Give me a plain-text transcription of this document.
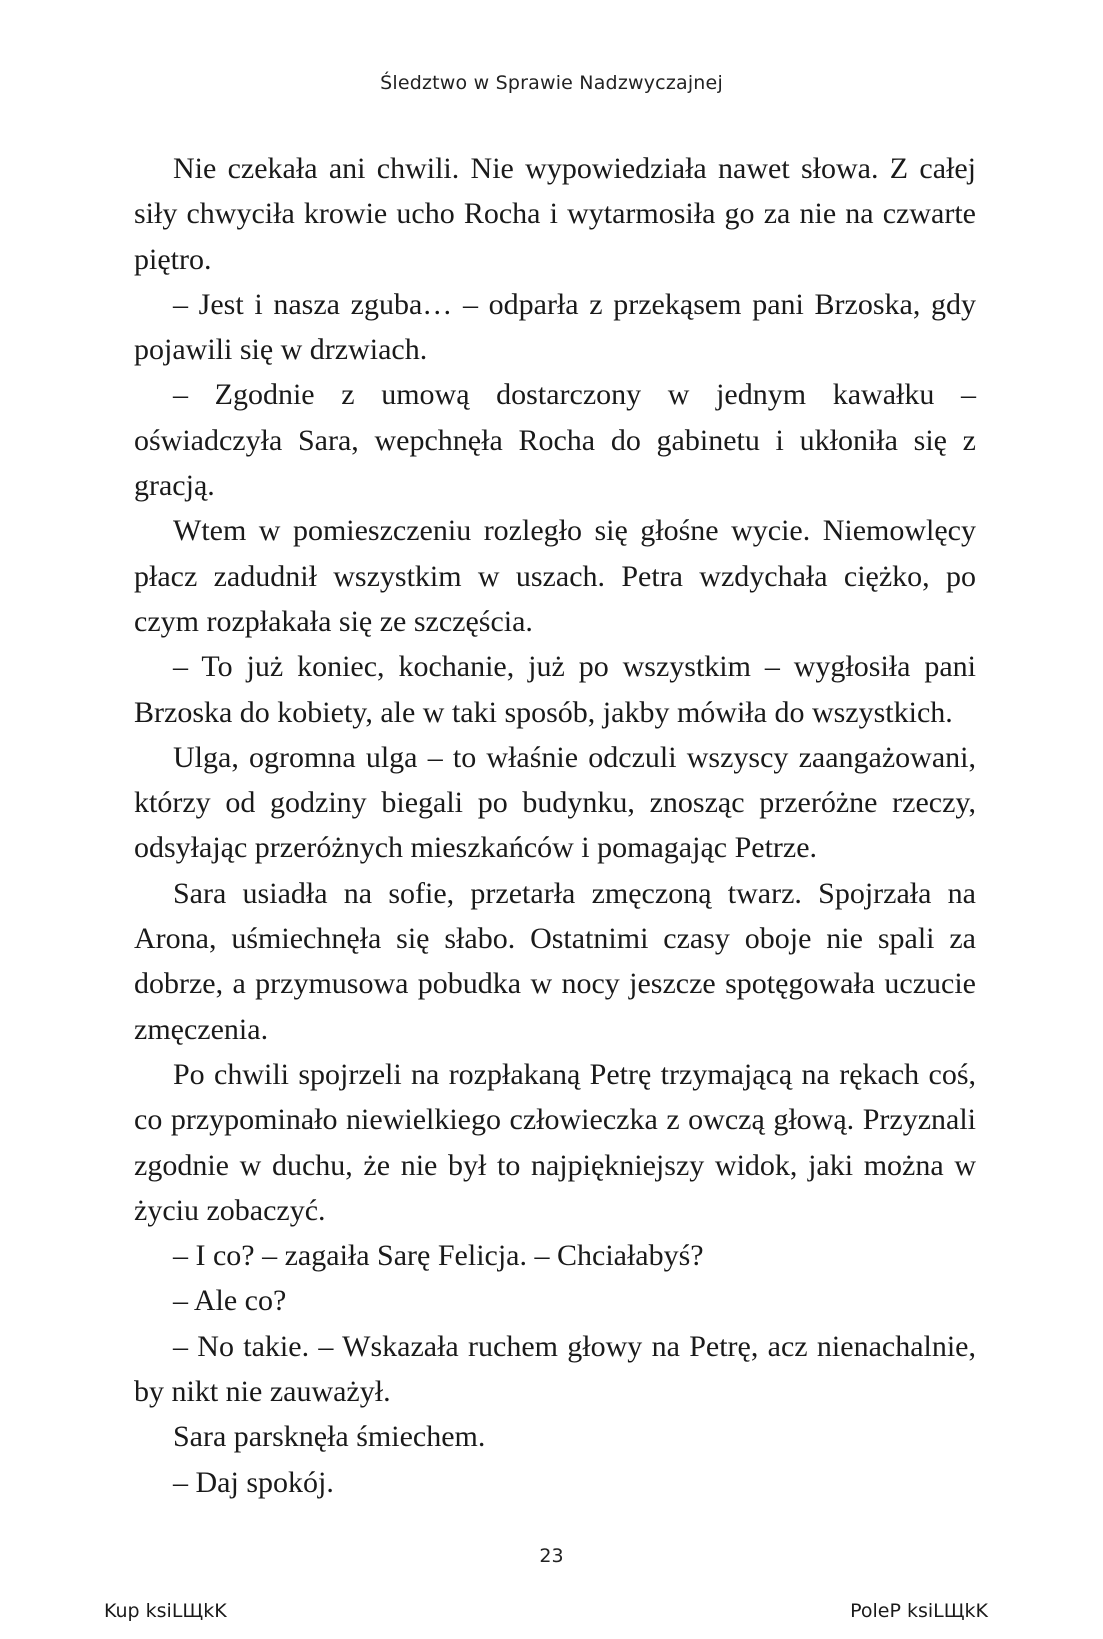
Śledztwo w Sprawie Nadzwyczajnej

Nie czekała ani chwili. Nie wypowiedziała nawet słowa. Z całej siły chwyciła krowie ucho Rocha i wytarmosiła go za nie na czwarte piętro.

– Jest i nasza zguba… – odparła z przekąsem pani Brzoska, gdy pojawili się w drzwiach.

– Zgodnie z umową dostarczony w jednym kawałku – oświadczyła Sara, wepchnęła Rocha do gabinetu i ukłoniła się z gracją.

Wtem w pomieszczeniu rozległo się głośne wycie. Niemowlęcy płacz zadudnił wszystkim w uszach. Petra wzdychała ciężko, po czym rozpłakała się ze szczęścia.

– To już koniec, kochanie, już po wszystkim – wygłosiła pani Brzoska do kobiety, ale w taki sposób, jakby mówiła do wszystkich.

Ulga, ogromna ulga – to właśnie odczuli wszyscy zaangażowani, którzy od godziny biegali po budynku, znosząc przeróżne rzeczy, odsyłając przeróżnych mieszkańców i pomagając Petrze.

Sara usiadła na sofie, przetarła zmęczoną twarz. Spojrzała na Arona, uśmiechnęła się słabo. Ostatnimi czasy oboje nie spali za dobrze, a przymusowa pobudka w nocy jeszcze spotęgowała uczucie zmęczenia.

Po chwili spojrzeli na rozpłakaną Petrę trzymającą na rękach coś, co przypominało niewielkiego człowieczka z owczą głową. Przyznali zgodnie w duchu, że nie był to najpiękniejszy widok, jaki można w życiu zobaczyć.

– I co? – zagaiła Sarę Felicja. – Chciałabyś?

– Ale co?

– No takie. – Wskazała ruchem głowy na Petrę, acz nienachalnie, by nikt nie zauważył.

Sara parsknęła śmiechem.

– Daj spokój.

23
Kup ksiLЩkK	PoleP ksiLЩkK
